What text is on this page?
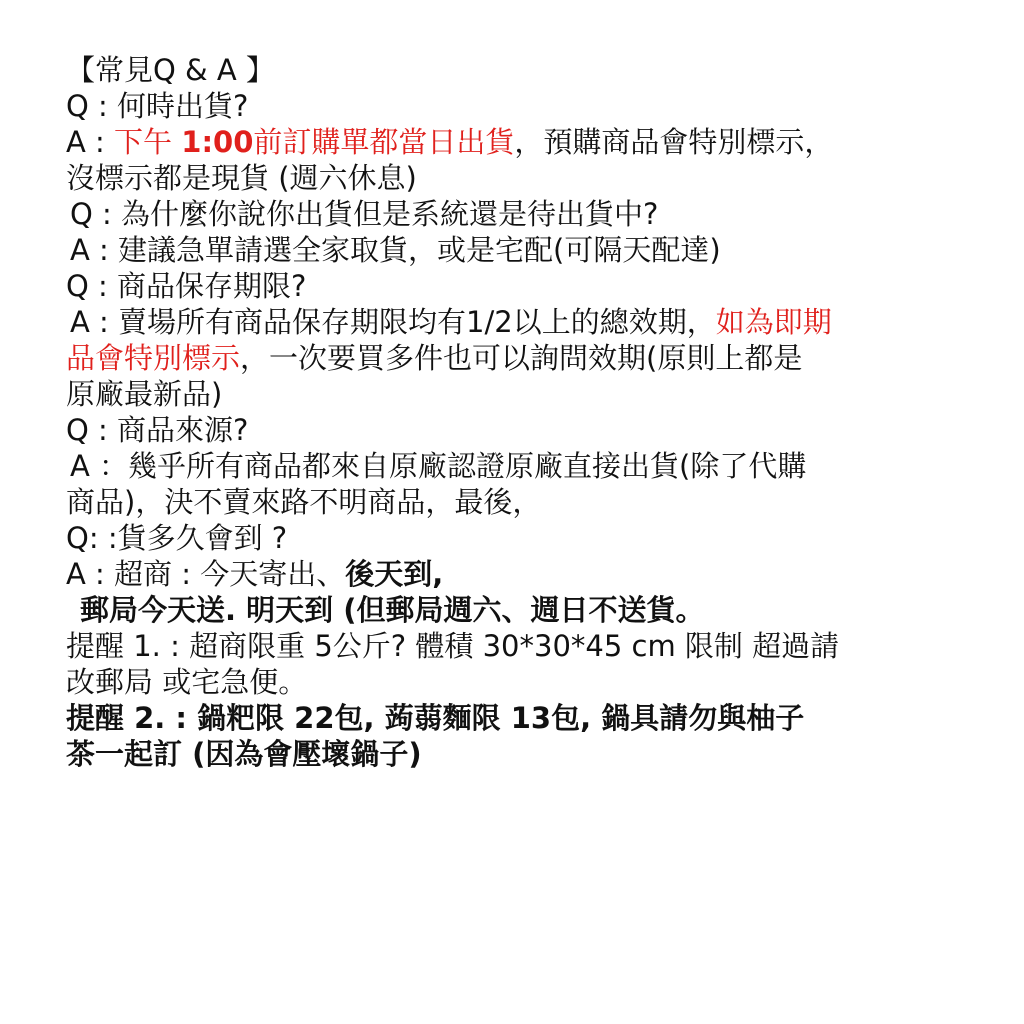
【常見Q & A 】
Q : 何時出貨?
A : 下午 1:00前訂購單都當日出貨，預購商品會特別標示，
沒標示都是現貨 (週六休息)
Q : 為什麼你說你出貨但是系統還是待出貨中?
A : 建議急單請選全家取貨，或是宅配(可隔天配達)
Q : 商品保存期限?
A : 賣場所有商品保存期限均有1/2以上的總效期，如為即期
品會特別標示，一次要買多件也可以詢問效期(原則上都是
原廠最新品)
Q : 商品來源?
A ：幾乎所有商品都來自原廠認證原廠直接出貨(除了代購
商品)，決不賣來路不明商品，最後，
Q: :貨多久會到 ?
A : 超商 : 今天寄出、後天到,
郵局今天送. 明天到 (但郵局週六、週日不送貨。
提醒 1. : 超商限重 5公斤? 體積 30*30*45 cm 限制 超過請
改郵局 或宅急便。
提醒 2. : 鍋粑限 22包, 蒟蒻麵限 13包, 鍋具請勿與柚子
茶一起訂 (因為會壓壞鍋子)
